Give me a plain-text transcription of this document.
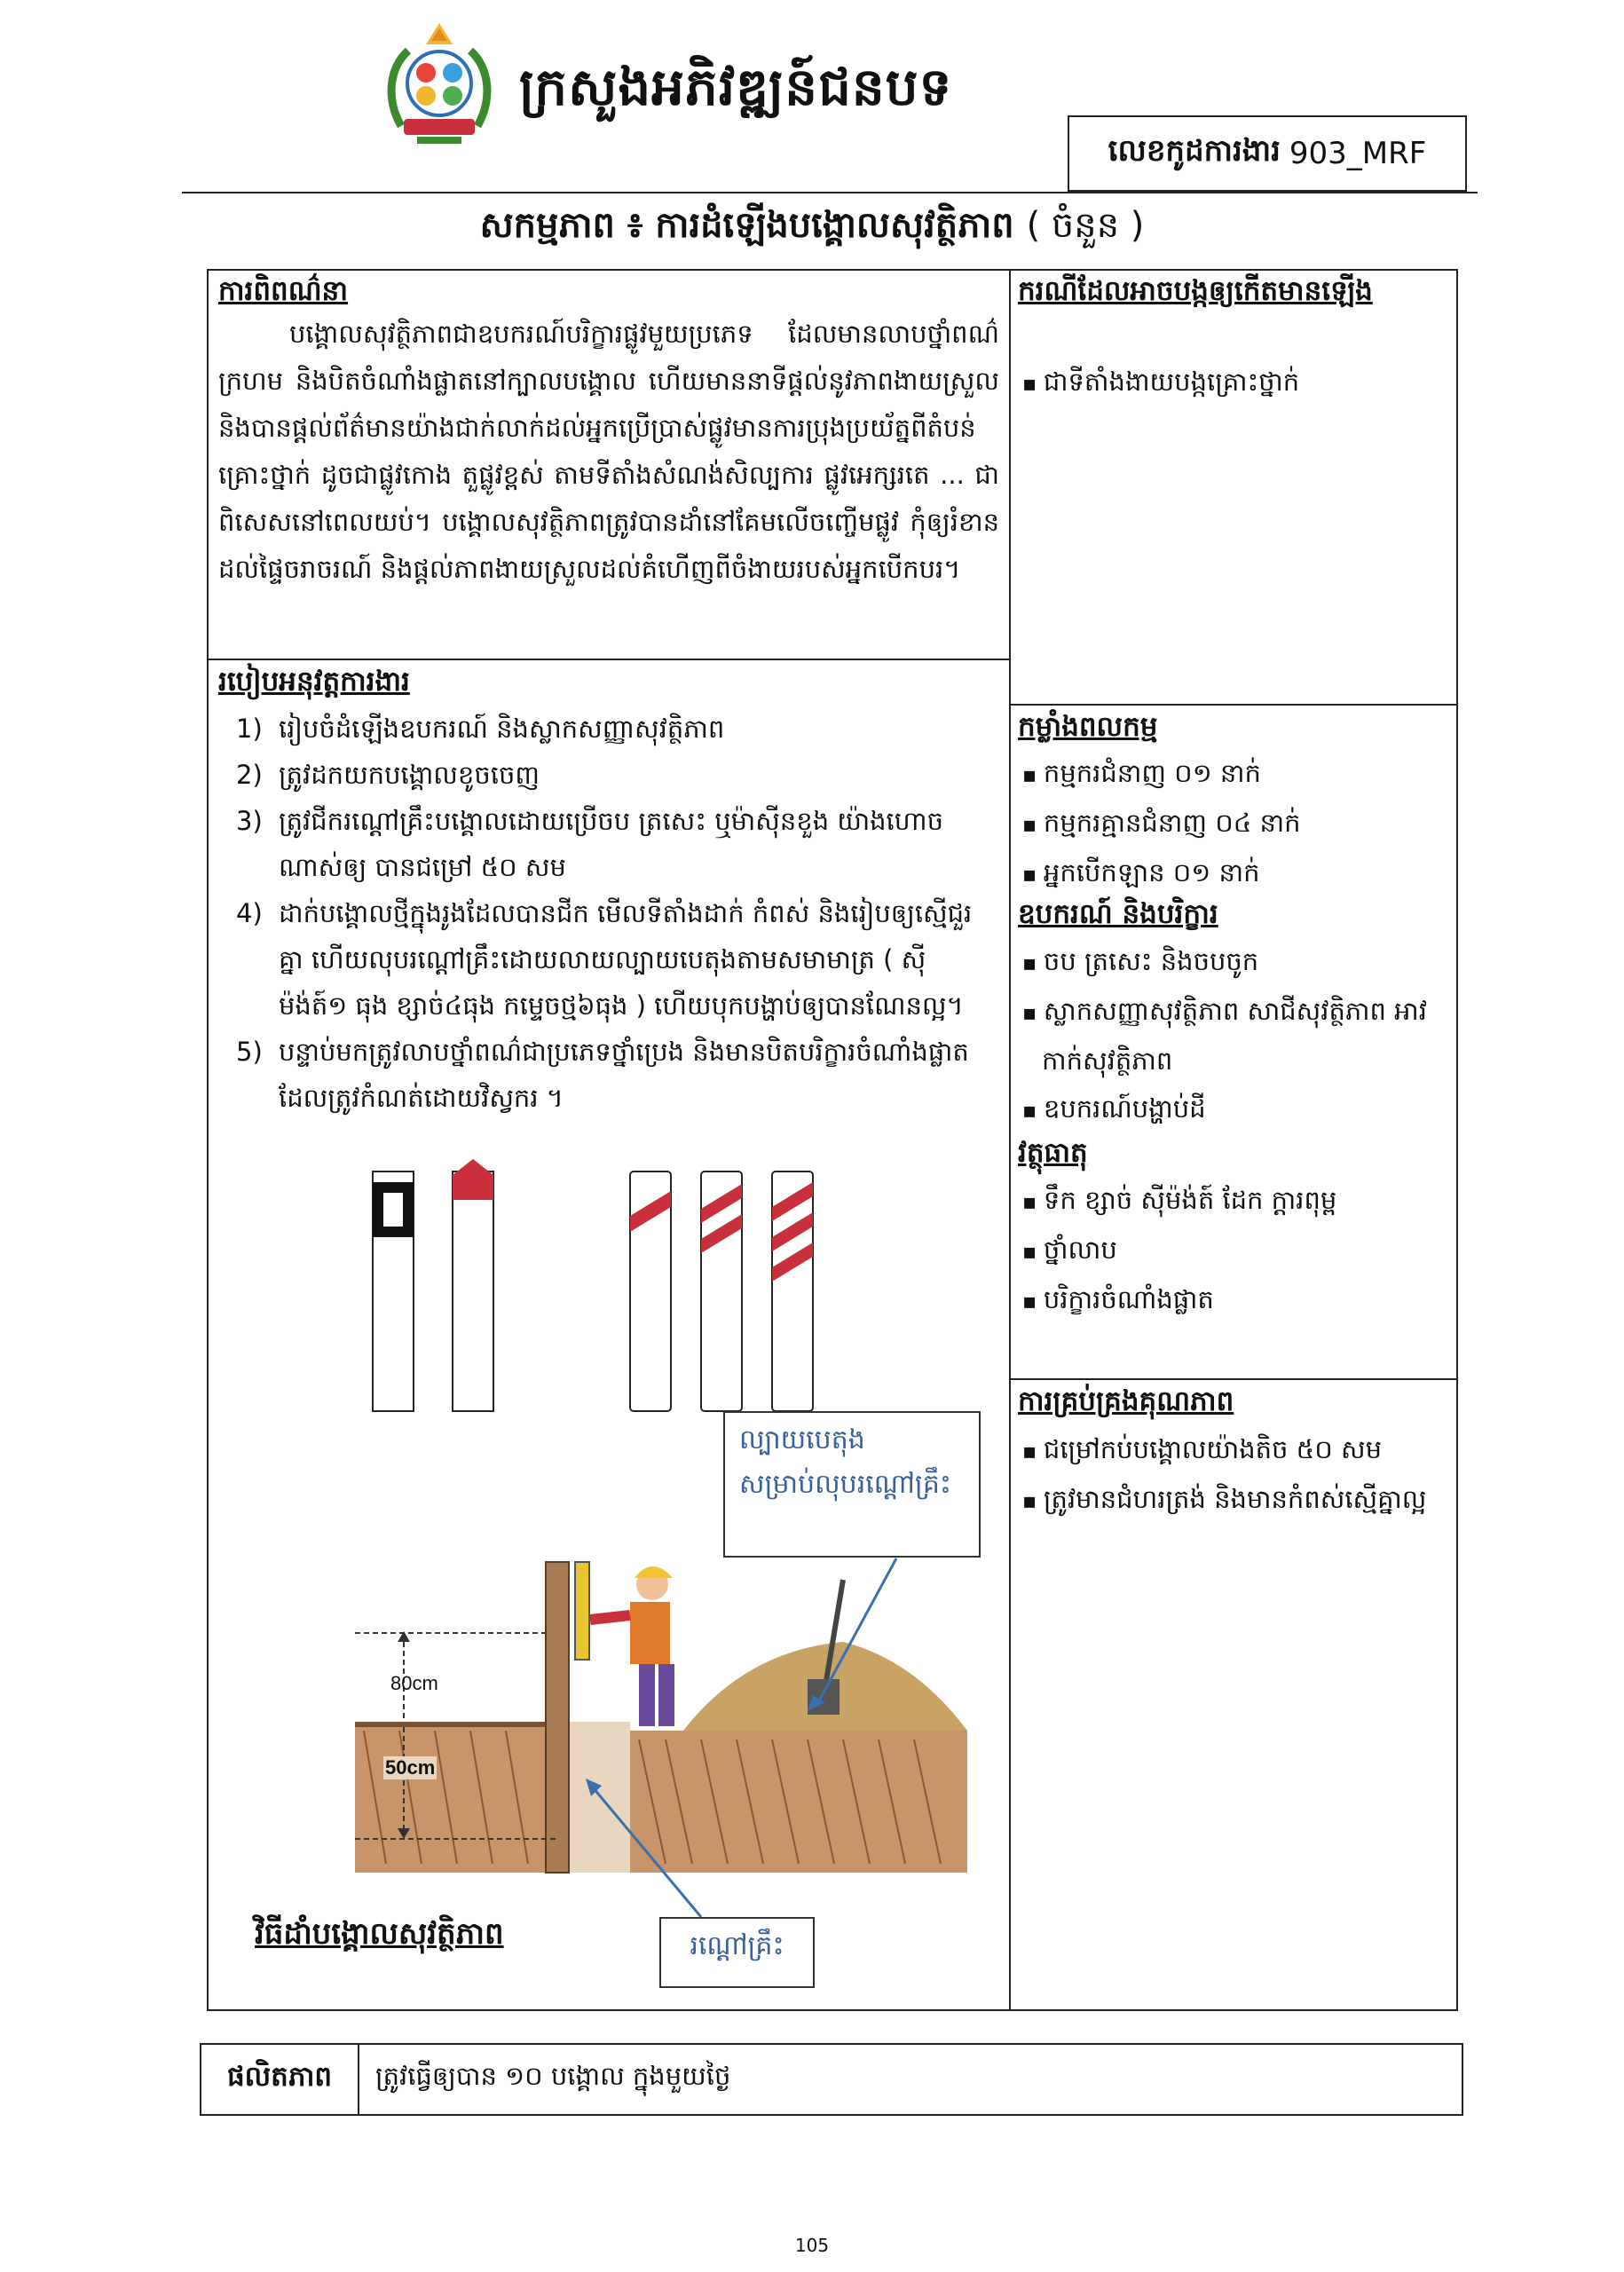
ក្រសួងអភិវឌ្ឍន៍ជនបទ
លេខកូដការងារ 903_MRF
សកម្មភាព ៖ ការដំឡើងបង្គោលសុវត្ថិភាព ( ចំនួន )
ការពិពណ៌នា
បង្គោលសុវត្ថិភាពជាឧបករណ៍បរិក្ខារផ្លូវមួយប្រភេទ ដែលមានលាបថ្នាំពណ៌ក្រហម និងបិតចំណាំងផ្លាតនៅក្បាលបង្គោល ហើយមាននាទីផ្តល់នូវភាពងាយស្រួល និងបានផ្តល់ព័ត៌មានយ៉ាងជាក់លាក់ដល់អ្នកប្រើប្រាស់ផ្លូវមានការប្រុងប្រយ័ត្នពីតំបន់ គ្រោះថ្នាក់ ដូចជាផ្លូវកោង តួផ្លូវខ្ពស់ តាមទីតាំងសំណង់សិល្បការ ផ្លូវអេក្សរតេ ... ជាពិសេសនៅពេលយប់។ បង្គោលសុវត្ថិភាពត្រូវបានដាំនៅគែមលើចញ្ចើមផ្លូវ កុំឲ្យរំខានដល់ផ្ទៃចរាចរណ៍ និងផ្តល់ភាពងាយស្រួលដល់គំហើញពីចំងាយរបស់អ្នកបើកបរ។
របៀបអនុវត្តការងារ
1) រៀបចំដំឡើងឧបករណ៍ និងស្លាកសញ្ញាសុវត្ថិភាព
2) ត្រូវដកយកបង្គោលខូចចេញ
3) ត្រូវជីករណ្តៅគ្រឹះបង្គោលដោយប្រើចប ត្រសេះ ឬម៉ាស៊ីនខួង យ៉ាងហោចណាស់ឲ្យ បានជម្រៅ ៥០ សម
4) ដាក់បង្គោលថ្មីក្នុងរូងដែលបានជីក មើលទីតាំងដាក់ កំពស់ និងរៀបឲ្យស្មើជួរគ្នា ហើយលុបរណ្តៅគ្រឹះដោយលាយល្បាយបេតុងតាមសមាមាត្រ ( ស៊ីម៉ង់ត៍១ ធុង ខ្សាច់៤ធុង កម្ទេចថ្ម៦ធុង ) ហើយបុកបង្ហាប់ឲ្យបានណែនល្អ។
5) បន្ទាប់មកត្រូវលាបថ្នាំពណ៌ជាប្រភេទថ្នាំប្រេង និងមានបិតបរិក្ខារចំណាំងផ្លាតដែលត្រូវកំណត់ដោយវិស្វករ ។
80cm
50cm
ល្បាយបេតុងសម្រាប់លុបរណ្តៅគ្រឹះ
រណ្តៅគ្រឹះ
វិធីដាំបង្គោលសុវត្ថិភាព
ករណីដែលអាចបង្កឲ្យកើតមានឡើង
▪ ជាទីតាំងងាយបង្កគ្រោះថ្នាក់
កម្លាំងពលកម្ម
▪ កម្មករជំនាញ ០១ នាក់
▪ កម្មករគ្មានជំនាញ ០៤ នាក់
▪ អ្នកបើកឡាន ០១ នាក់
ឧបករណ៍ និងបរិក្ខារ
▪ ចប ត្រសេះ និងចបចូក
▪ ស្លាកសញ្ញាសុវត្ថិភាព សាជីសុវត្ថិភាព អាវកាក់សុវត្ថិភាព
▪ ឧបករណ៍បង្ហាប់ដី
វត្ថុធាតុ
▪ ទឹក ខ្សាច់ ស៊ីម៉ង់ត៍ ដែក ក្តារពុម្ព
▪ ថ្នាំលាប
▪ បរិក្ខារចំណាំងផ្លាត
ការគ្រប់គ្រងគុណភាព
▪ ជម្រៅកប់បង្គោលយ៉ាងតិច ៥០ សម
▪ ត្រូវមានជំហរត្រង់ និងមានកំពស់ស្មើគ្នាល្អ
ផលិតភាព	ត្រូវធ្វើឲ្យបាន ១០ បង្គោល ក្នុងមួយថ្ងៃ
105
